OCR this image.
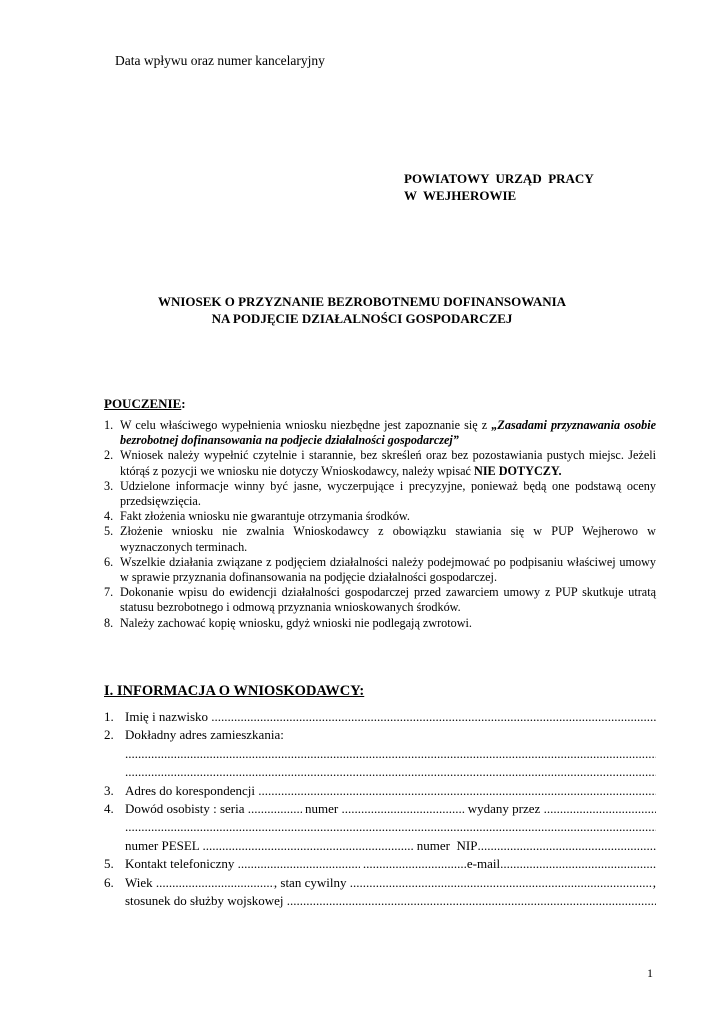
Data wpływu oraz numer kancelaryjny
POWIATOWY  URZĄD  PRACY
W  WEJHEROWIE
WNIOSEK O PRZYZNANIE BEZROBOTNEMU DOFINANSOWANIA
NA PODJĘCIE DZIAŁALNOŚCI GOSPODARCZEJ
POUCZENIE:
1. W celu właściwego wypełnienia wniosku niezbędne jest zapoznanie się z „Zasadami przyznawania osobie bezrobotnej dofinansowania na podjecie działalności gospodarczej”
2. Wniosek należy wypełnić czytelnie i starannie, bez skreśleń oraz bez pozostawiania pustych miejsc. Jeżeli którąś z pozycji we wniosku nie dotyczy Wnioskodawcy, należy wpisać NIE DOTYCZY.
3. Udzielone informacje winny być jasne, wyczerpujące i precyzyjne, ponieważ będą one podstawą oceny przedsięwzięcia.
4. Fakt złożenia wniosku nie gwarantuje otrzymania środków.
5. Złożenie wniosku nie zwalnia Wnioskodawcy z obowiązku stawiania się w PUP Wejherowo w wyznaczonych terminach.
6. Wszelkie działania związane z podjęciem działalności należy podejmować po podpisaniu właściwej umowy w sprawie przyznania dofinansowania na podjęcie działalności gospodarczej.
7. Dokonanie wpisu do ewidencji działalności gospodarczej przed zawarciem umowy z PUP skutkuje utratą statusu bezrobotnego i odmową przyznania wnioskowanych środków.
8. Należy zachować kopię wniosku, gdyż wnioski nie podlegają zwrotowi.
I. INFORMACJA O WNIOSKODAWCY:
1. Imię i nazwisko
.....
2. Dokładny adres zamieszkania:
.....
.....
3. Adres do korespondencji
.....
4. Dowód osobisty : seria .....	numer .....	wydany przez
.....
.....
numer PESEL .....	numer  NIP
.....
5. Kontakt telefoniczny .....
.....	e-mail
.....
6. Wiek .....	, stan cywilny .....	,
stosunek do służby wojskowej
.....
1
